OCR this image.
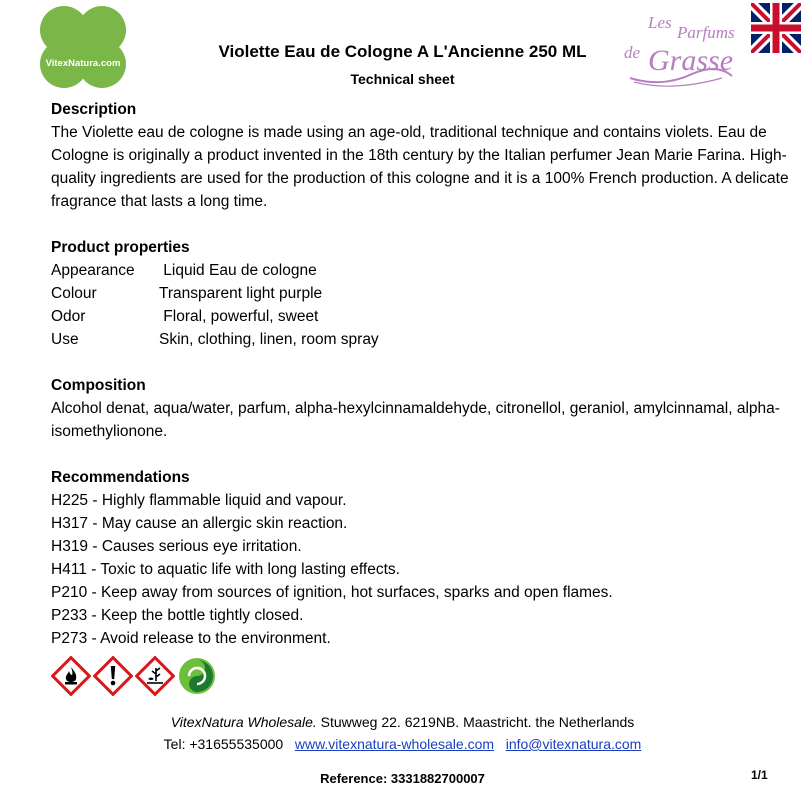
VitexNatura.com
Les
Parfums
de Grasse
Violette Eau de Cologne A L'Ancienne 250 ML
Technical sheet
Description

The Violette eau de cologne is made using an age-old, traditional technique and contains violets. Eau de Cologne is originally a product invented in the 18th century by the Italian perfumer Jean Marie Farina. High-quality ingredients are used for the production of this cologne and it is a 100% French production. A delicate fragrance that lasts a long time.

Product properties
Appearance	Liquid Eau de cologne
Colour	Transparent light purple
Odor	Floral, powerful, sweet
Use	Skin, clothing, linen, room spray
Composition

Alcohol denat, aqua/water, parfum, alpha-hexylcinnamaldehyde, citronellol, geraniol, amylcinnamal, alpha-isomethylionone.

Recommendations

H225 - Highly flammable liquid and vapour.

H317 - May cause an allergic skin reaction.

H319 - Causes serious eye irritation.

H411 - Toxic to aquatic life with long lasting effects.

P210 - Keep away from sources of ignition, hot surfaces, sparks and open flames.

P233 - Keep the bottle tightly closed.

P273 - Avoid release to the environment.

VitexNatura Wholesale. Stuwweg 22. 6219NB. Maastricht. the Netherlands
Tel: +31655535000 www.vitexnatura-wholesale.com info@vitexnatura.com
Reference: 3331882700007	1/1
